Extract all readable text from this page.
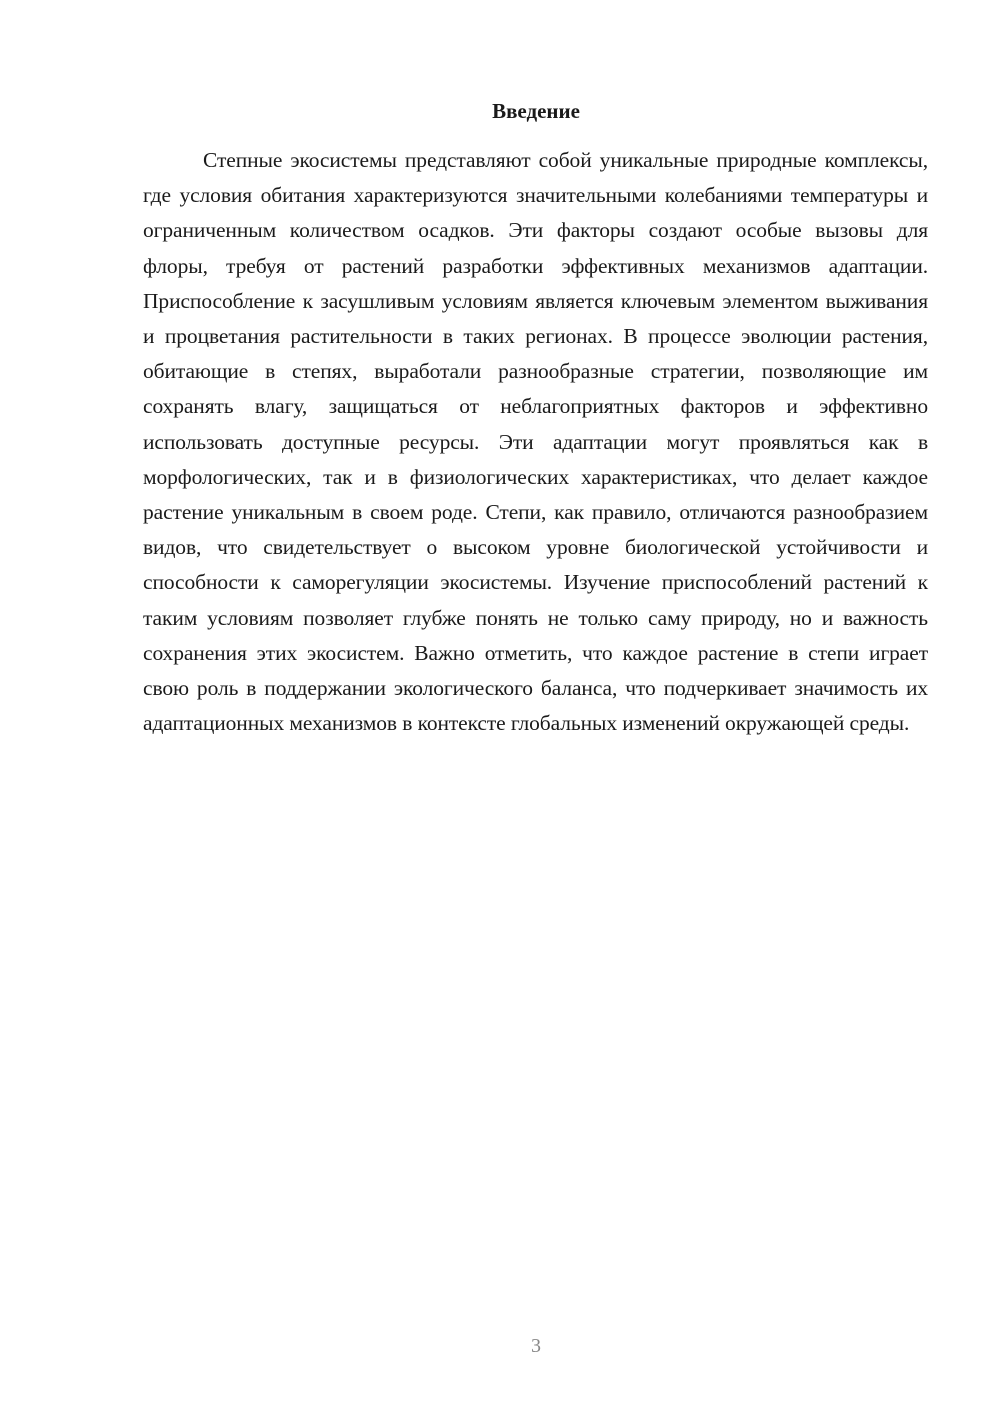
Введение

Степные экосистемы представляют собой уникальные природные комплексы, где условия обитания характеризуются значительными колебаниями температуры и ограниченным количеством осадков. Эти факторы создают особые вызовы для флоры, требуя от растений разработки эффективных механизмов адаптации. Приспособление к засушливым условиям является ключевым элементом выживания и процветания растительности в таких регионах. В процессе эволюции растения, обитающие в степях, выработали разнообразные стратегии, позволяющие им сохранять влагу, защищаться от неблагоприятных факторов и эффективно использовать доступные ресурсы. Эти адаптации могут проявляться как в морфологических, так и в физиологических характеристиках, что делает каждое растение уникальным в своем роде. Степи, как правило, отличаются разнообразием видов, что свидетельствует о высоком уровне биологической устойчивости и способности к саморегуляции экосистемы. Изучение приспособлений растений к таким условиям позволяет глубже понять не только саму природу, но и важность сохранения этих экосистем. Важно отметить, что каждое растение в степи играет свою роль в поддержании экологического баланса, что подчеркивает значимость их адаптационных механизмов в контексте глобальных изменений окружающей среды.

3
